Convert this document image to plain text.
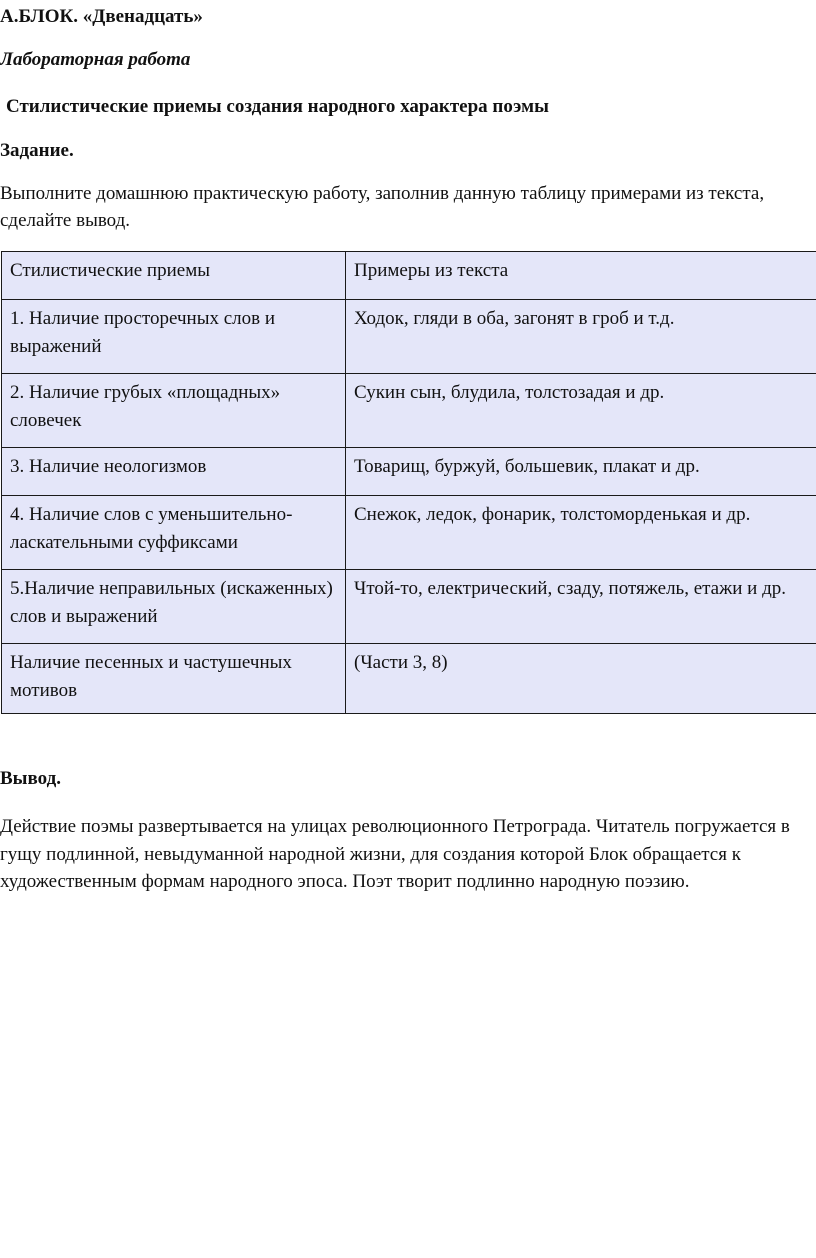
А.БЛОК. «Двенадцать»
Лабораторная работа
Стилистические приемы создания народного характера поэмы
Задание.
Выполните домашнюю практическую работу, заполнив данную таблицу примерами из текста, сделайте вывод.
Стилистические приемы	Примеры из текста
1. Наличие просторечных слов и выражений	Ходок, гляди в оба, загонят в гроб и т.д.
2. Наличие грубых «площадных» словечек	Сукин сын, блудила, толстозадая и др.
3. Наличие неологизмов	Товарищ, буржуй, большевик, плакат и др.
4. Наличие слов с уменьшительно-ласкательными суффиксами	Снежок, ледок, фонарик, толстоморденькая и др.
5.Наличие неправильных (искаженных) слов и выражений	Чтой-то, електрический, сзаду, потяжель, етажи и др.
Наличие песенных и частушечных мотивов	(Части 3, 8)
Вывод.
Действие поэмы развертывается на улицах революционного Петрограда. Читатель погружается в гущу подлинной, невыдуманной народной жизни, для создания которой Блок обращается к художественным формам народного эпоса. Поэт творит подлинно народную поэзию.
